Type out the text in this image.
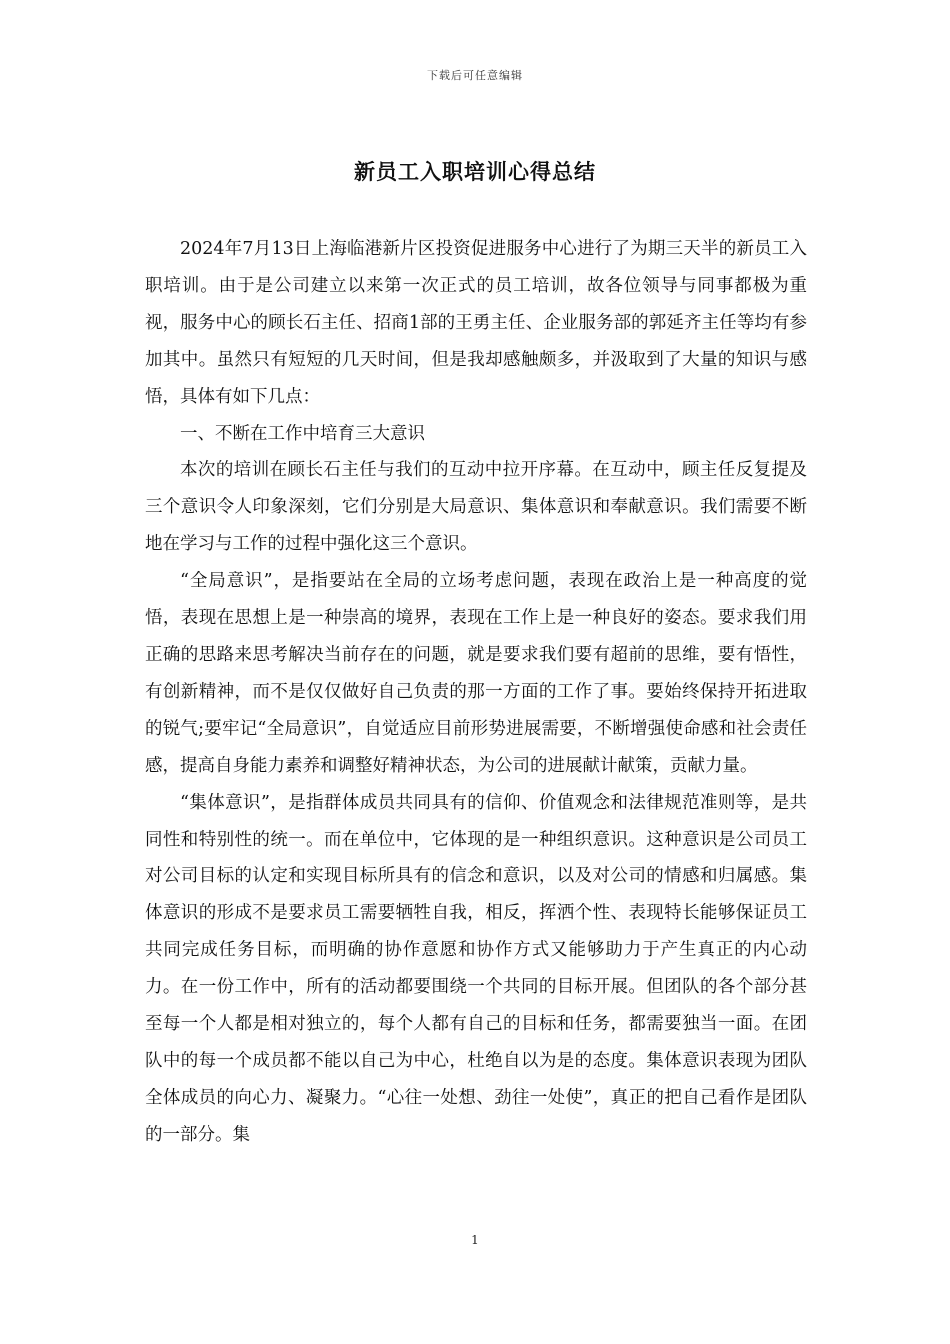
下载后可任意编辑
新员工入职培训心得总结

2024年7月13日上海临港新片区投资促进服务中心进行了为期三天半的新员工入职培训。由于是公司建立以来第一次正式的员工培训，故各位领导与同事都极为重视，服务中心的顾长石主任、招商1部的王勇主任、企业服务部的郭延齐主任等均有参加其中。虽然只有短短的几天时间，但是我却感触颇多，并汲取到了大量的知识与感悟，具体有如下几点：

一、不断在工作中培育三大意识

本次的培训在顾长石主任与我们的互动中拉开序幕。在互动中，顾主任反复提及三个意识令人印象深刻，它们分别是大局意识、集体意识和奉献意识。我们需要不断地在学习与工作的过程中强化这三个意识。

“全局意识”，是指要站在全局的立场考虑问题，表现在政治上是一种高度的觉悟，表现在思想上是一种崇高的境界，表现在工作上是一种良好的姿态。要求我们用正确的思路来思考解决当前存在的问题，就是要求我们要有超前的思维，要有悟性，有创新精神，而不是仅仅做好自己负责的那一方面的工作了事。要始终保持开拓进取的锐气;要牢记“全局意识”，自觉适应目前形势进展需要，不断增强使命感和社会责任感，提高自身能力素养和调整好精神状态，为公司的进展献计献策，贡献力量。

“集体意识”，是指群体成员共同具有的信仰、价值观念和法律规范准则等，是共同性和特别性的统一。而在单位中，它体现的是一种组织意识。这种意识是公司员工对公司目标的认定和实现目标所具有的信念和意识，以及对公司的情感和归属感。集体意识的形成不是要求员工需要牺牲自我，相反，挥洒个性、表现特长能够保证员工共同完成任务目标，而明确的协作意愿和协作方式又能够助力于产生真正的内心动力。在一份工作中，所有的活动都要围绕一个共同的目标开展。但团队的各个部分甚至每一个人都是相对独立的，每个人都有自己的目标和任务，都需要独当一面。在团队中的每一个成员都不能以自己为中心，杜绝自以为是的态度。集体意识表现为团队全体成员的向心力、凝聚力。“心往一处想、劲往一处使”，真正的把自己看作是团队的一部分。集

1
